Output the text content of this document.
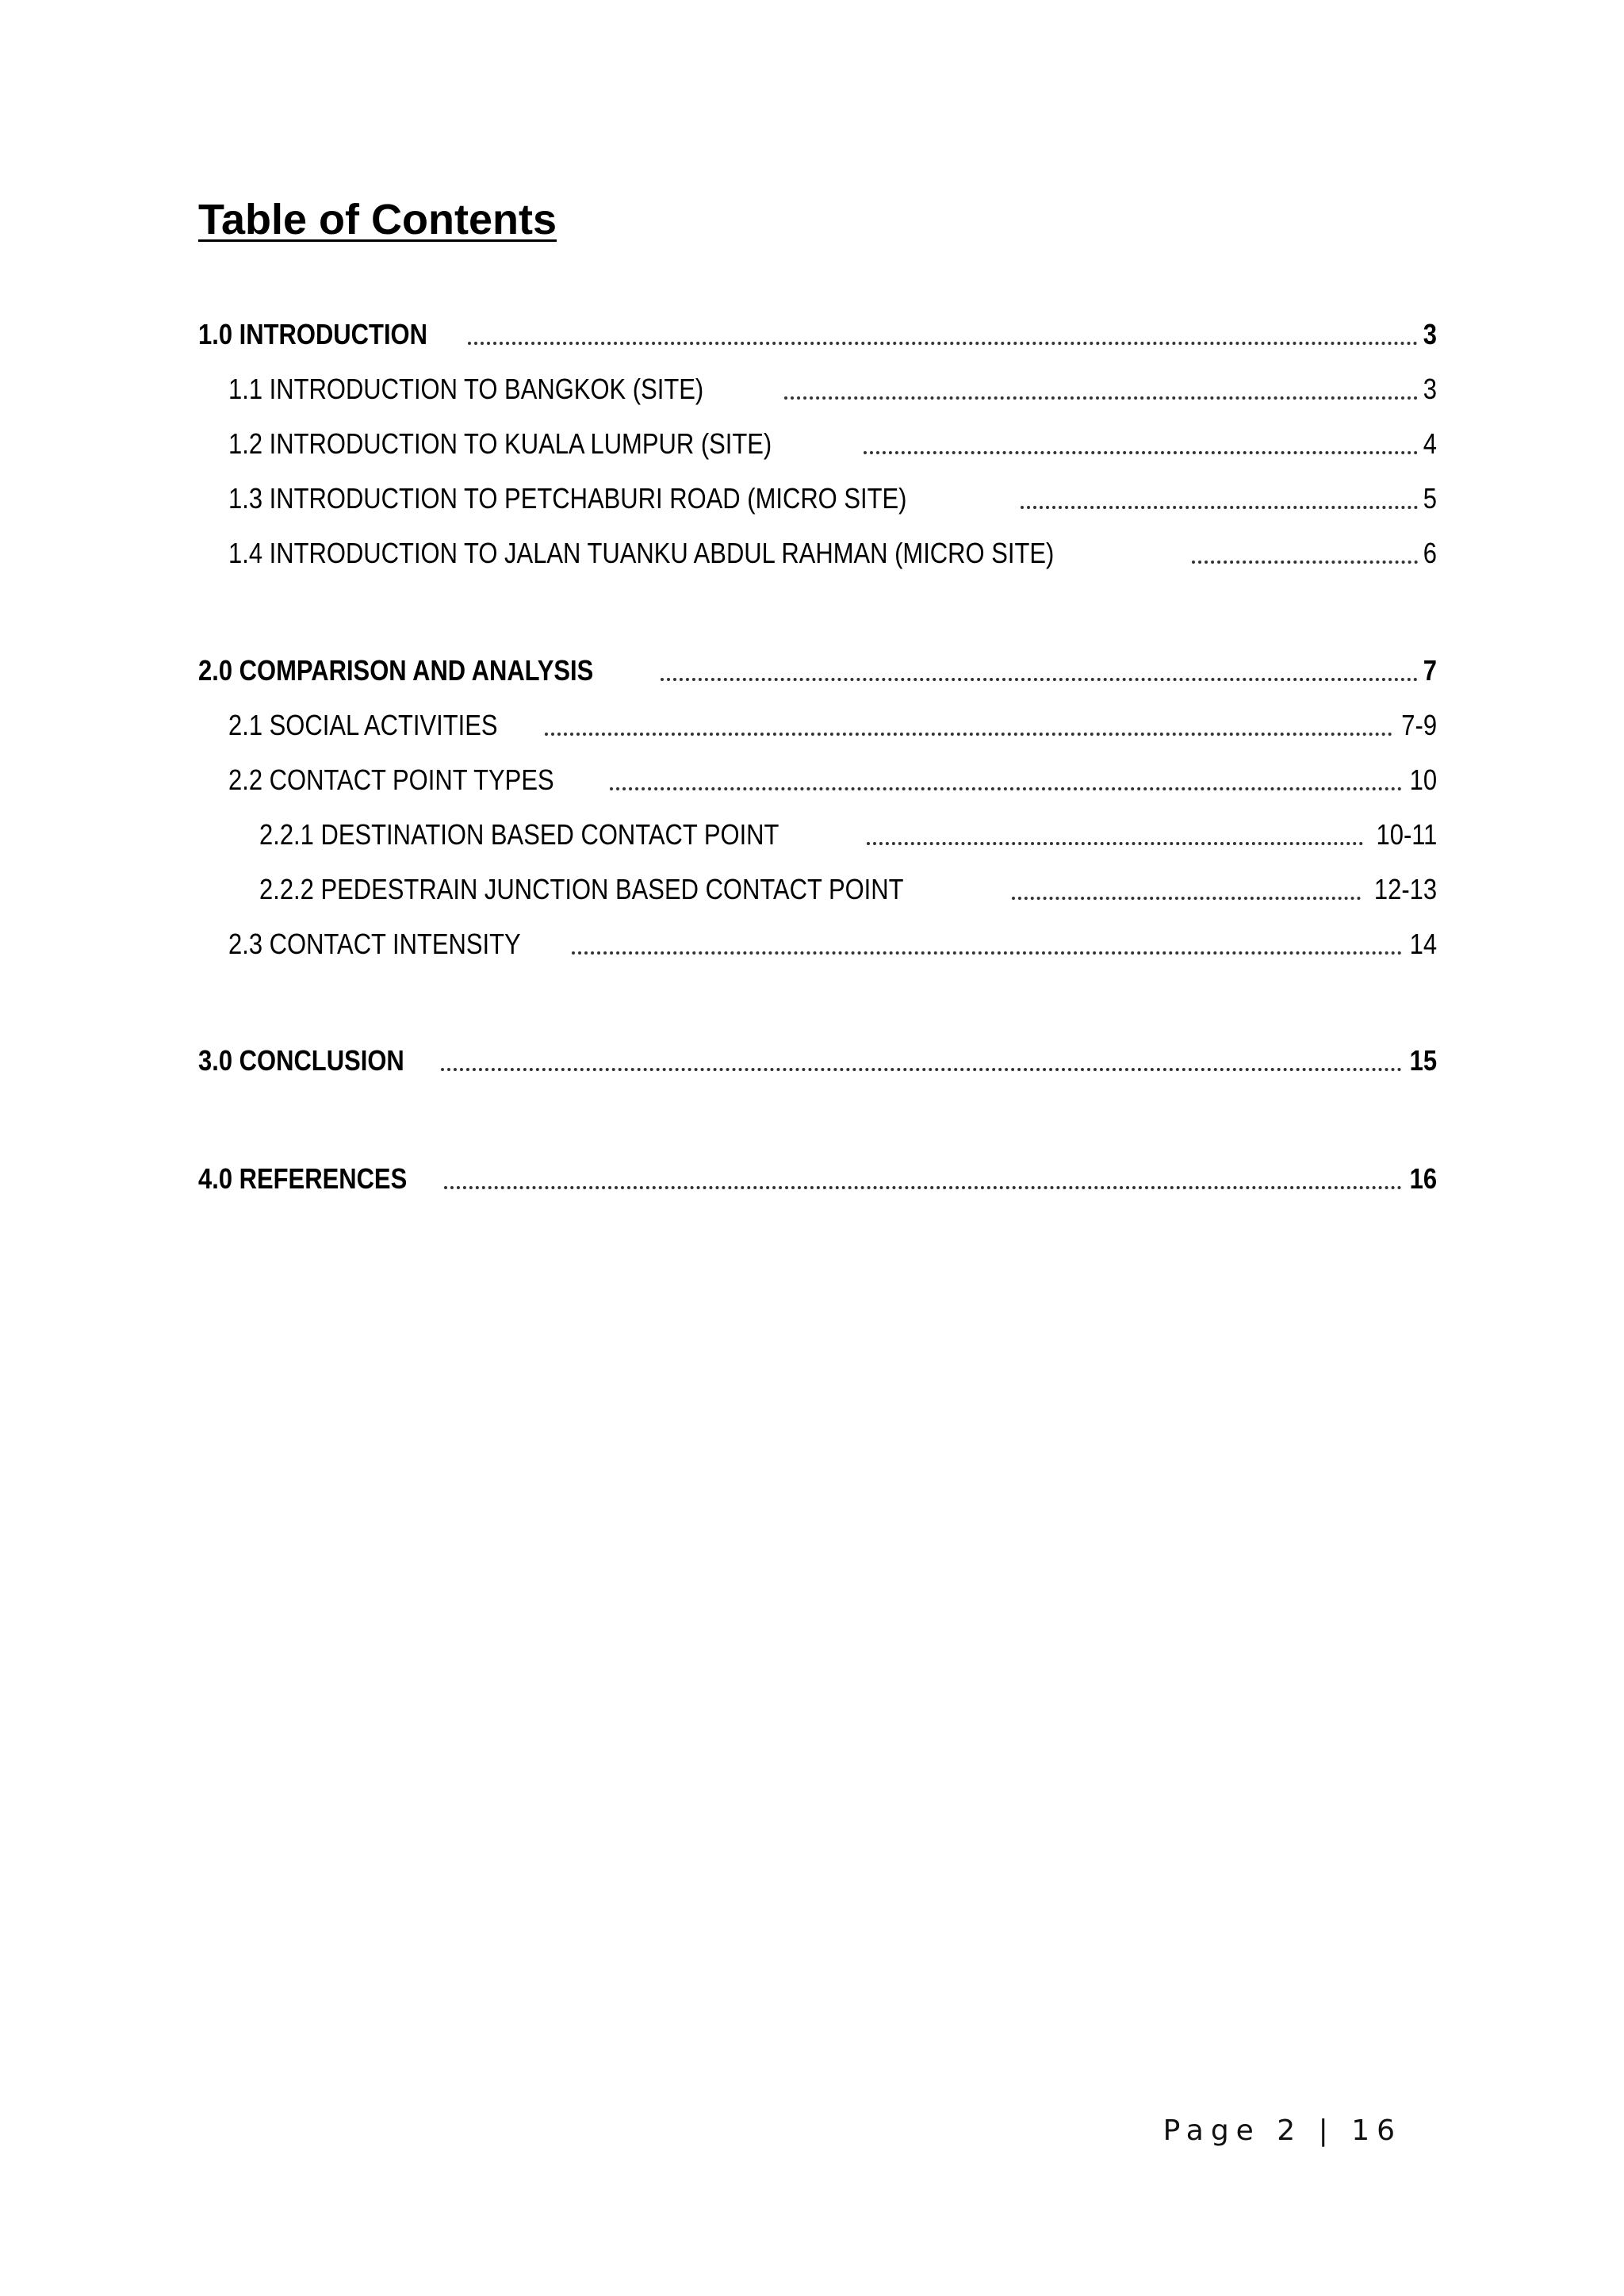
Table of Contents
1.0 INTRODUCTION	3
1.1 INTRODUCTION TO BANGKOK (SITE)	3
1.2 INTRODUCTION TO KUALA LUMPUR (SITE)	4
1.3 INTRODUCTION TO PETCHABURI ROAD (MICRO SITE)	5
1.4 INTRODUCTION TO JALAN TUANKU ABDUL RAHMAN (MICRO SITE)	6
2.0 COMPARISON AND ANALYSIS	7
2.1 SOCIAL ACTIVITIES	7-9
2.2 CONTACT POINT TYPES	10
2.2.1 DESTINATION BASED CONTACT POINT	10-11
2.2.2 PEDESTRAIN JUNCTION BASED CONTACT POINT	12-13
2.3 CONTACT INTENSITY	14
3.0 CONCLUSION	15
4.0 REFERENCES	16
Page 2 | 16
